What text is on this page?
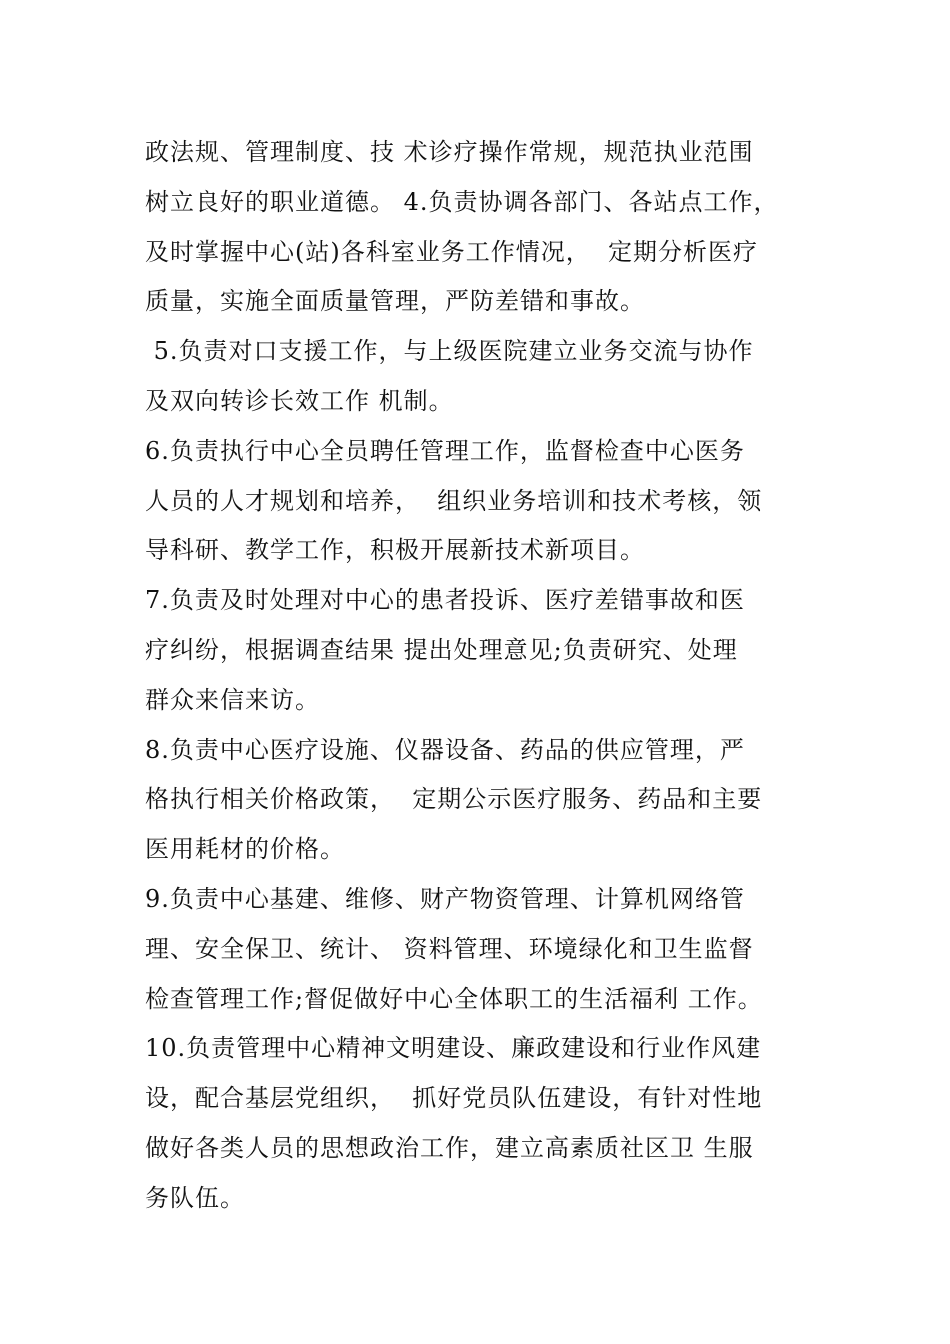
政法规、管理制度、技 术诊疗操作常规，规范执业范围

树立良好的职业道德。 4.负责协调各部门、各站点工作，

及时掌握中心(站)各科室业务工作情况，  定期分析医疗

质量，实施全面质量管理，严防差错和事故。

5.负责对口支援工作，与上级医院建立业务交流与协作

及双向转诊长效工作 机制。

6.负责执行中心全员聘任管理工作，监督检查中心医务

人员的人才规划和培养，  组织业务培训和技术考核，领

导科研、教学工作，积极开展新技术新项目。

7.负责及时处理对中心的患者投诉、医疗差错事故和医

疗纠纷，根据调查结果 提出处理意见;负责研究、处理

群众来信来访。

8.负责中心医疗设施、仪器设备、药品的供应管理，严

格执行相关价格政策，  定期公示医疗服务、药品和主要

医用耗材的价格。

9.负责中心基建、维修、财产物资管理、计算机网络管

理、安全保卫、统计、 资料管理、环境绿化和卫生监督

检查管理工作;督促做好中心全体职工的生活福利 工作。

10.负责管理中心精神文明建设、廉政建设和行业作风建

设，配合基层党组织，  抓好党员队伍建设，有针对性地

做好各类人员的思想政治工作，建立高素质社区卫 生服

务队伍。
